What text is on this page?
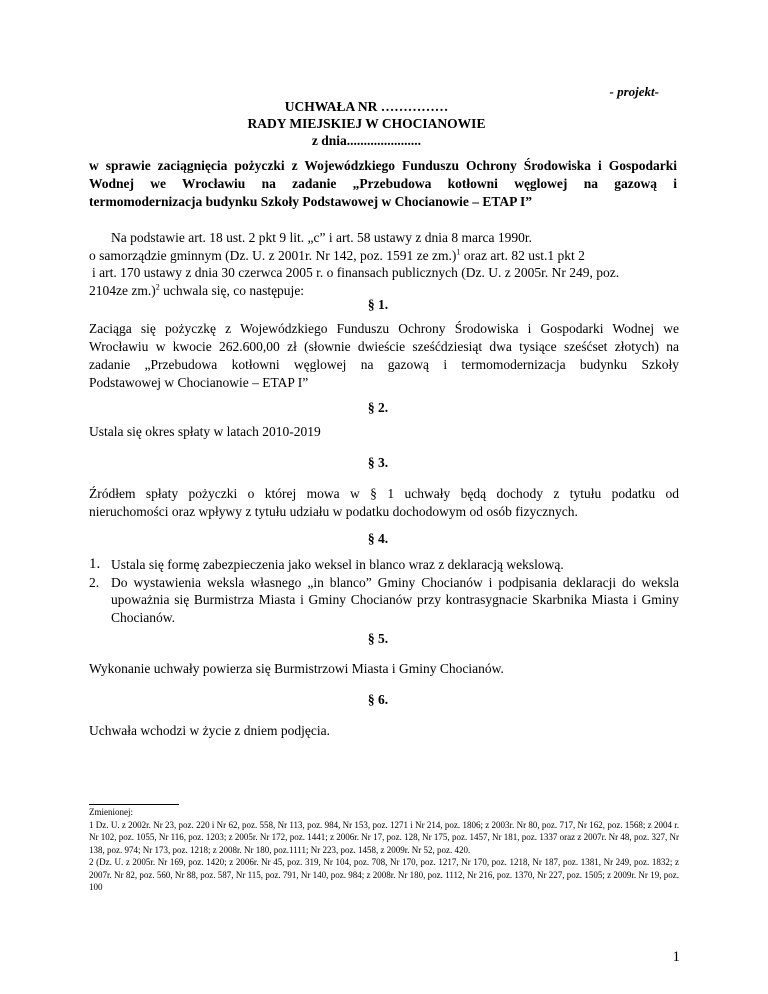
- projekt-
UCHWAŁA NR ……………
RADY MIEJSKIEJ W CHOCIANOWIE
z dnia......................
w sprawie zaciągnięcia pożyczki z Wojewódzkiego Funduszu Ochrony Środowiska i Gospodarki
Wodnej we Wrocławiu na zadanie „Przebudowa kotłowni węglowej na gazową i
termomodernizacja budynku Szkoły Podstawowej w Chocianowie – ETAP I”
Na podstawie art. 18 ust. 2 pkt 9 lit. „c” i art. 58 ustawy z dnia 8 marca 1990r.
o samorządzie gminnym (Dz. U. z 2001r. Nr 142, poz. 1591 ze zm.)$^1$ oraz art. 82 ust.1 pkt 2
i art. 170 ustawy z dnia 30 czerwca 2005 r. o finansach publicznych (Dz. U. z 2005r. Nr 249, poz.
2104ze zm.)$^2$ uchwala się, co następuje:
§ 1.
Zaciąga się pożyczkę z Wojewódzkiego Funduszu Ochrony Środowiska i Gospodarki Wodnej we
Wrocławiu w kwocie 262.600,00 zł (słownie dwieście sześćdziesiąt dwa tysiące sześćset złotych) na
zadanie „Przebudowa kotłowni węglowej na gazową i termomodernizacja budynku Szkoły
Podstawowej w Chocianowie – ETAP I”
§ 2.
Ustala się okres spłaty w latach 2010-2019
§ 3.
Źródłem spłaty pożyczki o której mowa w § 1 uchwały będą dochody z tytułu podatku od
nieruchomości oraz wpływy z tytułu udziału w podatku dochodowym od osób fizycznych.
§ 4.
1. Ustala się formę zabezpieczenia jako weksel in blanco wraz z deklaracją wekslową.
2. Do wystawienia weksla własnego „in blanco” Gminy Chocianów i podpisania deklaracji do weksla upoważnia się Burmistrza Miasta i Gminy Chocianów przy kontrasygnacie Skarbnika Miasta i Gminy Chocianów.
§ 5.
Wykonanie uchwały powierza się Burmistrzowi Miasta i Gminy Chocianów.
§ 6.
Uchwała wchodzi w życie z dniem podjęcia.
Zmienionej:
1 Dz. U. z 2002r. Nr 23, poz. 220 i Nr 62, poz. 558, Nr 113, poz. 984, Nr 153, poz. 1271 i Nr 214, poz. 1806; z 2003r. Nr 80, poz. 717, Nr 162, poz. 1568; z 2004 r. Nr 102, poz. 1055, Nr 116, poz. 1203; z 2005r. Nr 172, poz. 1441; z 2006r. Nr 17, poz. 128, Nr 175, poz. 1457, Nr 181, poz. 1337 oraz z 2007r. Nr 48, poz. 327, Nr 138, poz. 974; Nr 173, poz. 1218; z 2008r. Nr 180, poz.1111; Nr 223, poz. 1458, z 2009r. Nr 52, poz. 420.
2 (Dz. U. z 2005r. Nr 169, poz. 1420; z 2006r. Nr 45, poz. 319, Nr 104, poz. 708, Nr 170, poz. 1217, Nr 170, poz. 1218, Nr 187, poz. 1381, Nr 249, poz. 1832; z 2007r. Nr 82, poz. 560, Nr 88, poz. 587, Nr 115, poz. 791, Nr 140, poz. 984; z 2008r. Nr 180, poz. 1112, Nr 216, poz. 1370, Nr 227, poz. 1505; z 2009r. Nr 19, poz. 100
1
